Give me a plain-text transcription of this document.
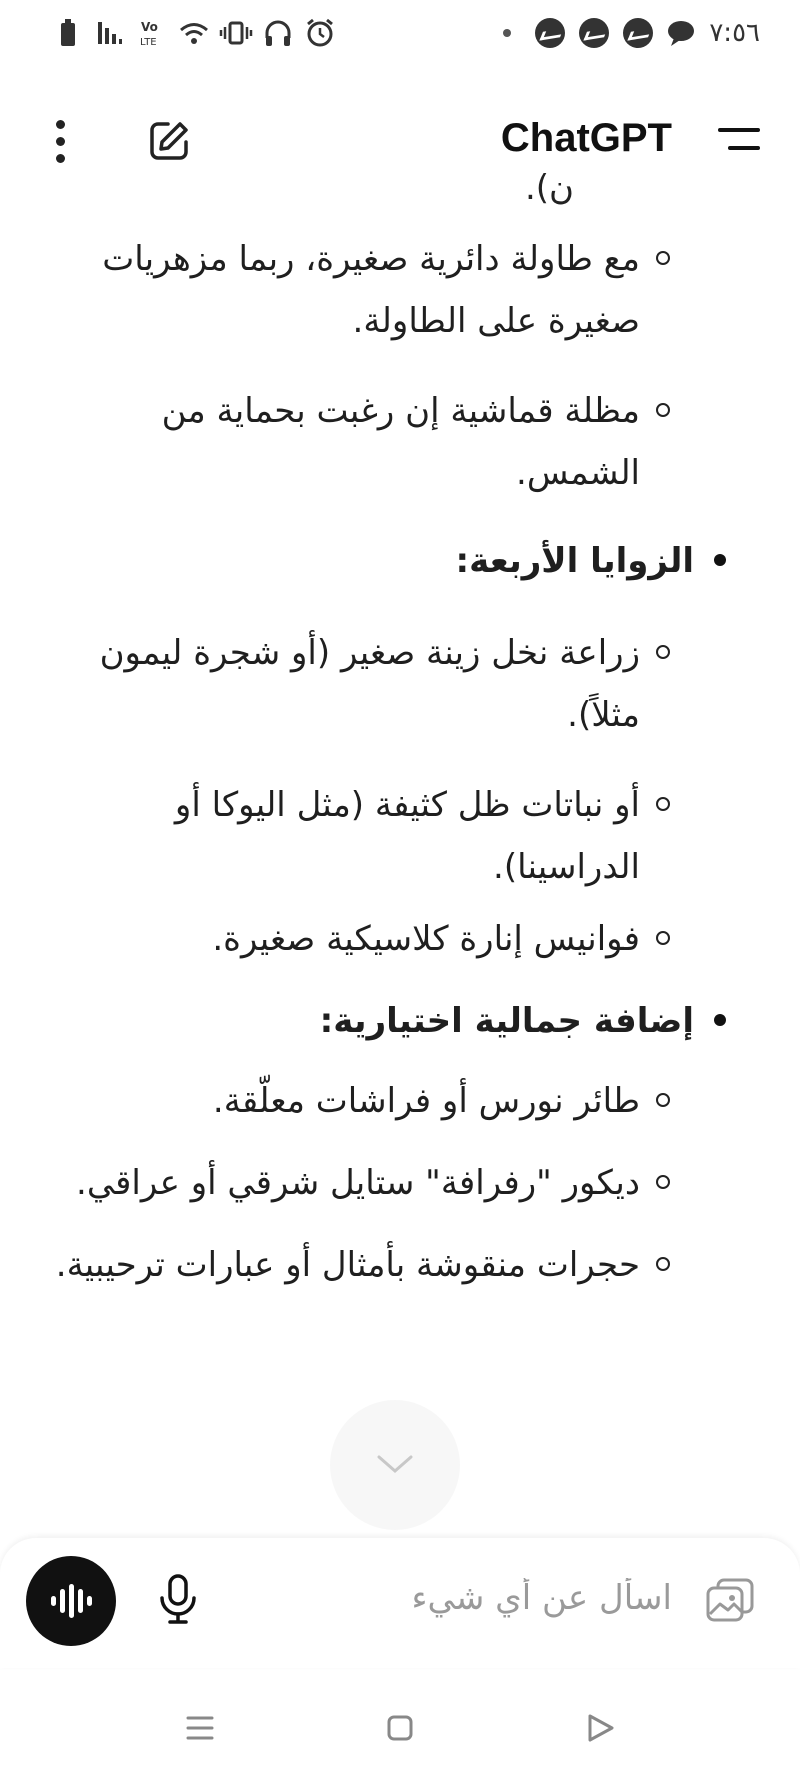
Vo
LTE	٧:٥٦
ChatGPT
ن).
مع طاولة دائرية صغيرة، ربما مزهريات صغيرة على الطاولة.
مظلة قماشية إن رغبت بحماية من الشمس.
الزوايا الأربعة:
زراعة نخل زينة صغير (أو شجرة ليمون مثلاً).
أو نباتات ظل كثيفة (مثل اليوكا أو الدراسينا).
فوانيس إنارة كلاسيكية صغيرة.
إضافة جمالية اختيارية:
طائر نورس أو فراشات معلّقة.
ديكور "رفرافة" ستايل شرقي أو عراقي.
حجرات منقوشة بأمثال أو عبارات ترحيبية.
اسأل عن أي شيء
